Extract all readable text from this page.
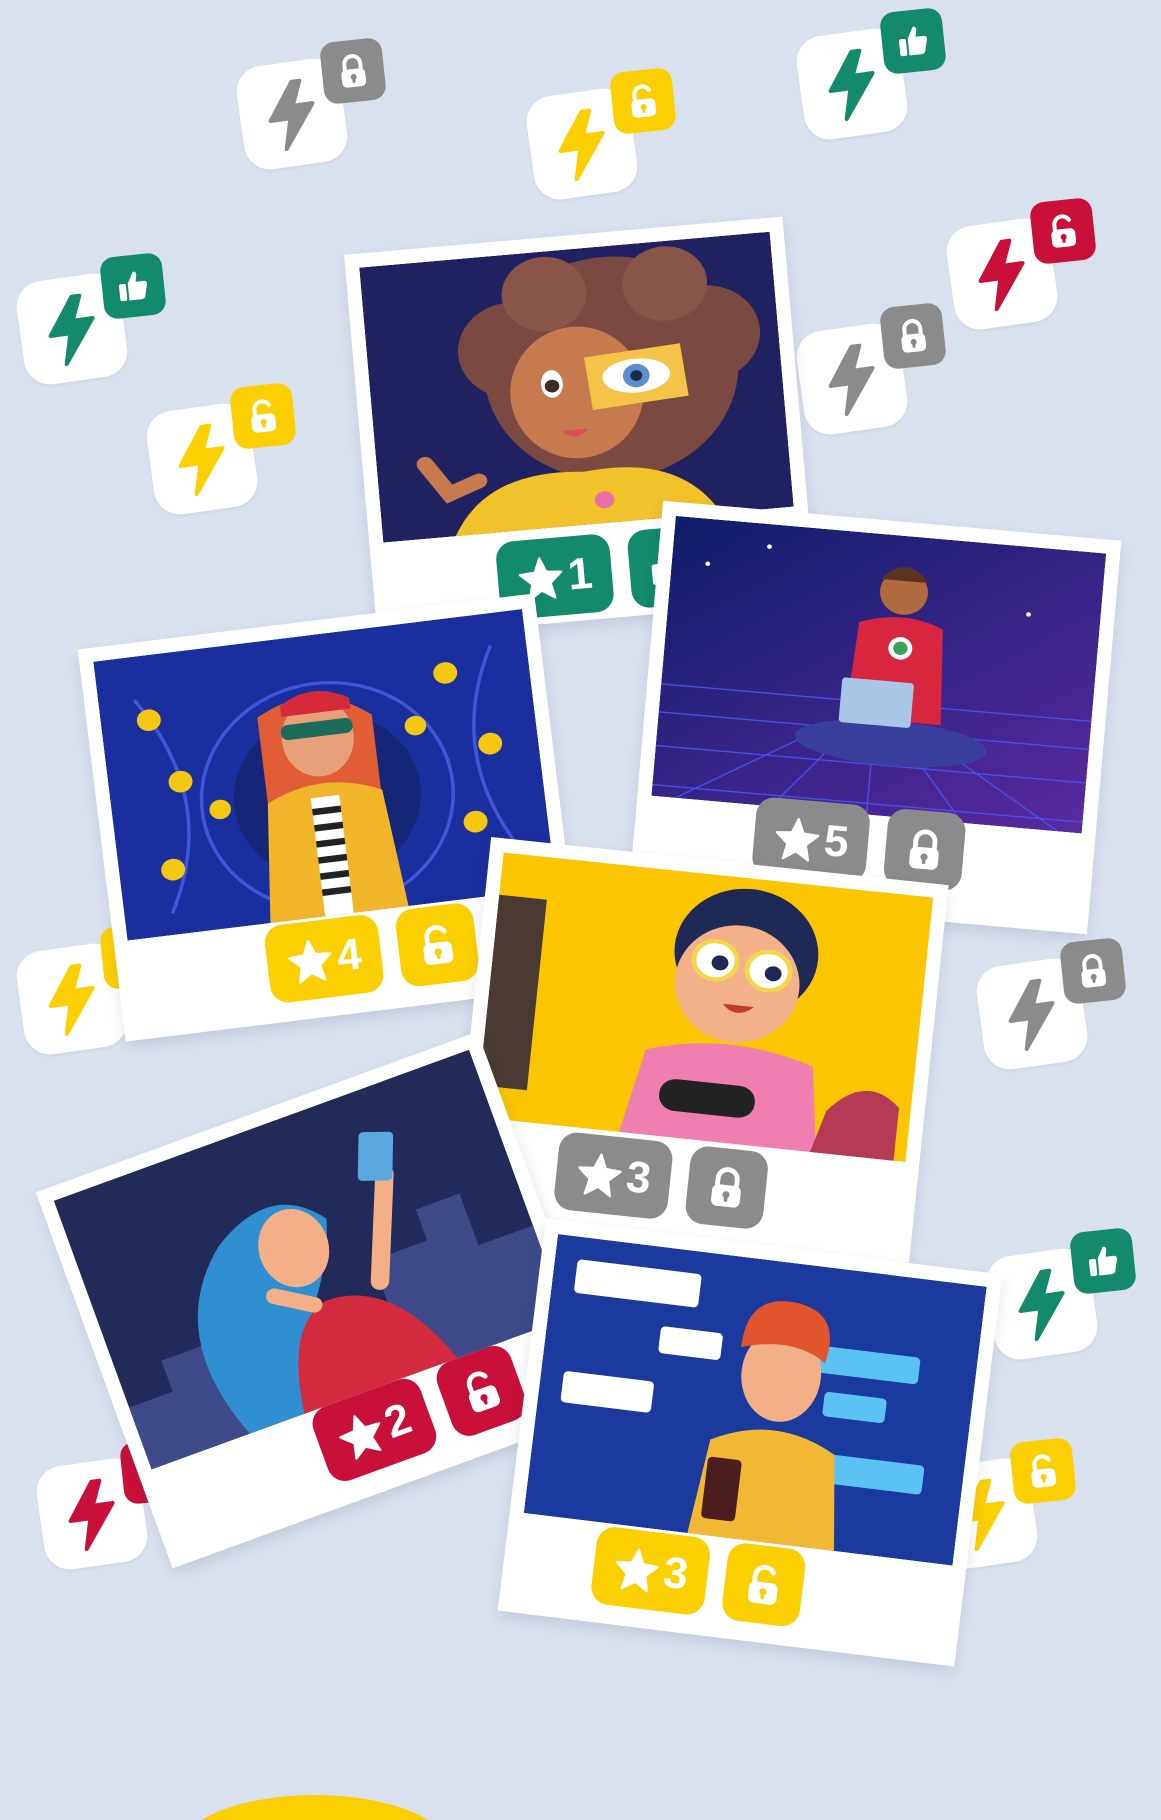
1
4
5
3
2
3
